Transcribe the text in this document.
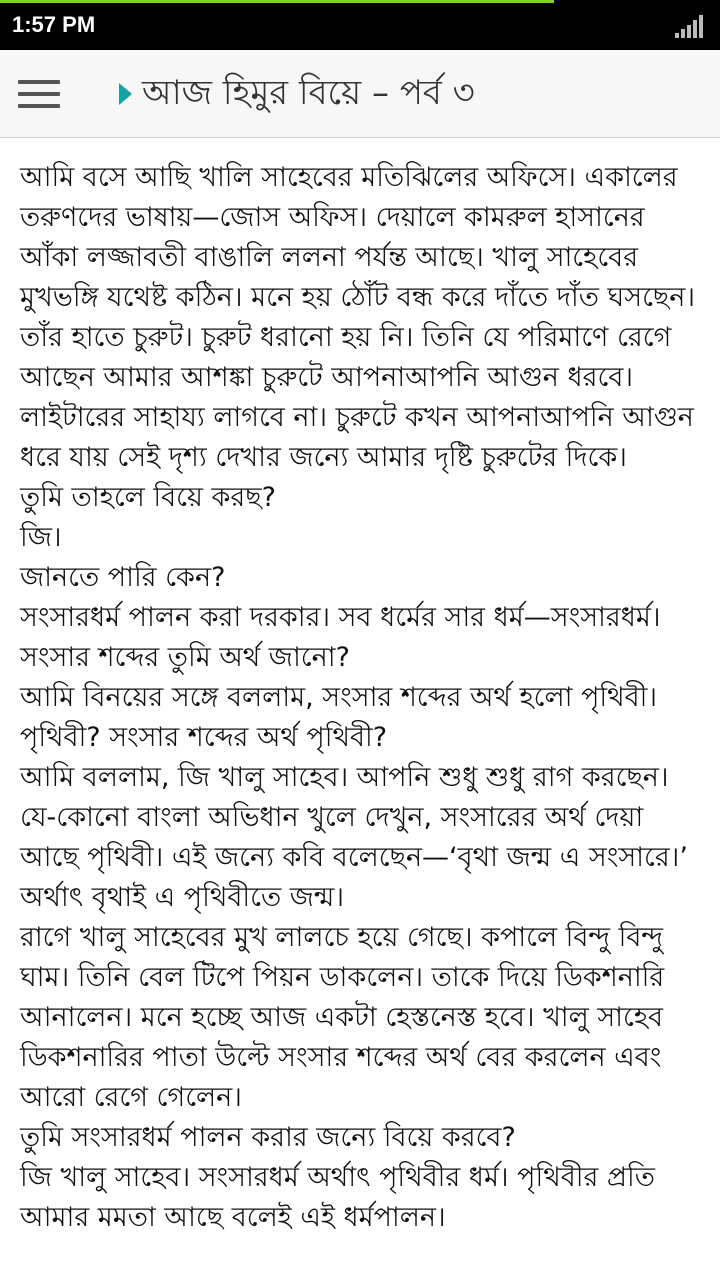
1:57 PM
আজ হিমুর বিয়ে – পর্ব ৩

আমি বসে আছি খালি সাহেবের মতিঝিলের অফিসে। একালের তরুণদের ভাষায়—জোস অফিস। দেয়ালে কামরুল হাসানের আঁকা লজ্জাবতী বাঙালি ললনা পর্যন্ত আছে। খালু সাহেবের মুখভঙ্গি যথেষ্ট কঠিন। মনে হয় ঠোঁট বন্ধ করে দাঁতে দাঁত ঘসছেন। তাঁর হাতে চুরুট। চুরুট ধরানো হয় নি। তিনি যে পরিমাণে রেগে আছেন আমার আশঙ্কা চুরুটে আপনাআপনি আগুন ধরবে। লাইটারের সাহায্য লাগবে না। চুরুটে কখন আপনাআপনি আগুন ধরে যায় সেই দৃশ্য দেখার জন্যে আমার দৃষ্টি চুরুটের দিকে।

তুমি তাহলে বিয়ে করছ?

জি।

জানতে পারি কেন?

সংসারধর্ম পালন করা দরকার। সব ধর্মের সার ধর্ম—সংসারধর্ম।

সংসার শব্দের তুমি অর্থ জানো?

আমি বিনয়ের সঙ্গে বললাম, সংসার শব্দের অর্থ হলো পৃথিবী।

পৃথিবী? সংসার শব্দের অর্থ পৃথিবী?

আমি বললাম, জি খালু সাহেব। আপনি শুধু শুধু রাগ করছেন। যে-কোনো বাংলা অভিধান খুলে দেখুন, সংসারের অর্থ দেয়া আছে পৃথিবী। এই জন্যে কবি বলেছেন—‘বৃথা জন্ম এ সংসারে।’ অর্থাৎ বৃথাই এ পৃথিবীতে জন্ম।

রাগে খালু সাহেবের মুখ লালচে হয়ে গেছে। কপালে বিন্দু বিন্দু ঘাম। তিনি বেল টিপে পিয়ন ডাকলেন। তাকে দিয়ে ডিকশনারি আনালেন। মনে হচ্ছে আজ একটা হেস্তনেস্ত হবে। খালু সাহেব ডিকশনারির পাতা উল্টে সংসার শব্দের অর্থ বের করলেন এবং আরো রেগে গেলেন।

তুমি সংসারধর্ম পালন করার জন্যে বিয়ে করবে?

জি খালু সাহেব। সংসারধর্ম অর্থাৎ পৃথিবীর ধর্ম। পৃথিবীর প্রতি আমার মমতা আছে বলেই এই ধর্মপালন।
